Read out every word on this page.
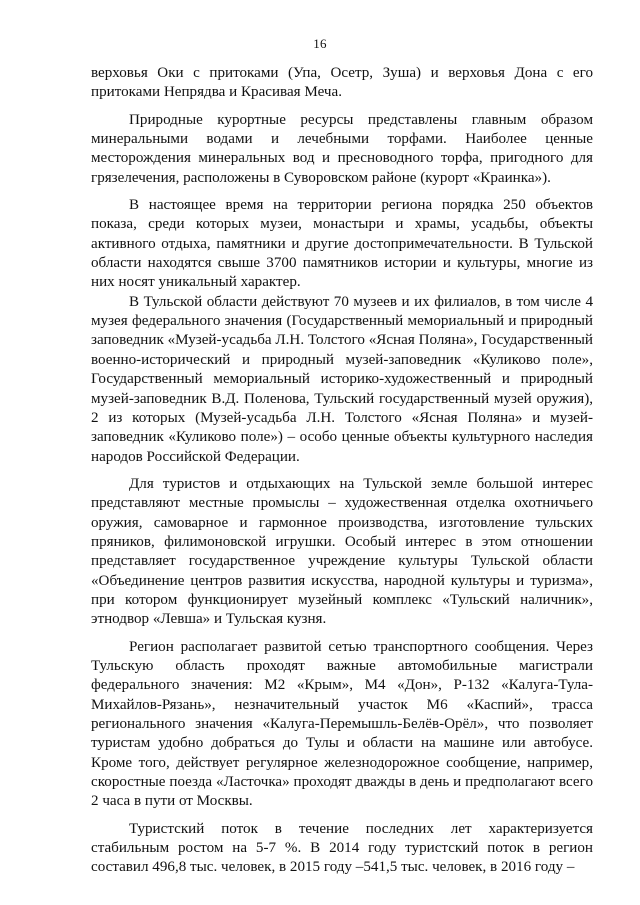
16

верховья Оки с притоками (Упа, Осетр, Зуша) и верховья Дона с его притоками Непрядва и Красивая Меча.

Природные курортные ресурсы представлены главным образом минеральными водами и лечебными торфами. Наиболее ценные месторождения минеральных вод и пресноводного торфа, пригодного для грязелечения, расположены в Суворовском районе (курорт «Краинка»).

В настоящее время на территории региона порядка 250 объектов показа, среди которых музеи, монастыри и храмы, усадьбы, объекты активного отдыха, памятники и другие достопримечательности. В Тульской области находятся свыше 3700 памятников истории и культуры, многие из них носят уникальный характер.

В Тульской области действуют 70 музеев и их филиалов, в том числе 4 музея федерального значения (Государственный мемориальный и природный заповедник «Музей-усадьба Л.Н. Толстого «Ясная Поляна», Государственный военно-исторический и природный музей-заповедник «Куликово поле», Государственный мемориальный историко-художественный и природный музей-заповедник В.Д. Поленова, Тульский государственный музей оружия), 2 из которых (Музей-усадьба Л.Н. Толстого «Ясная Поляна» и музей-заповедник «Куликово поле») – особо ценные объекты культурного наследия народов Российской Федерации.

Для туристов и отдыхающих на Тульской земле большой интерес представляют местные промыслы – художественная отделка охотничьего оружия, самоварное и гармонное производства, изготовление тульских пряников, филимоновской игрушки. Особый интерес в этом отношении представляет государственное учреждение культуры Тульской области «Объединение центров развития искусства, народной культуры и туризма», при котором функционирует музейный комплекс «Тульский наличник», этнодвор «Левша» и Тульская кузня.

Регион располагает развитой сетью транспортного сообщения. Через Тульскую область проходят важные автомобильные магистрали федерального значения: М2 «Крым», М4 «Дон», Р-132 «Калуга-Тула-Михайлов-Рязань», незначительный участок М6 «Каспий», трасса регионального значения «Калуга-Перемышль-Белёв-Орёл», что позволяет туристам удобно добраться до Тулы и области на машине или автобусе. Кроме того, действует регулярное железнодорожное сообщение, например, скоростные поезда «Ласточка» проходят дважды в день и предполагают всего 2 часа в пути от Москвы.

Туристский поток в течение последних лет характеризуется стабильным ростом на 5-7 %. В 2014 году туристский поток в регион составил 496,8 тыс. человек, в 2015 году –541,5 тыс. человек, в 2016 году –
